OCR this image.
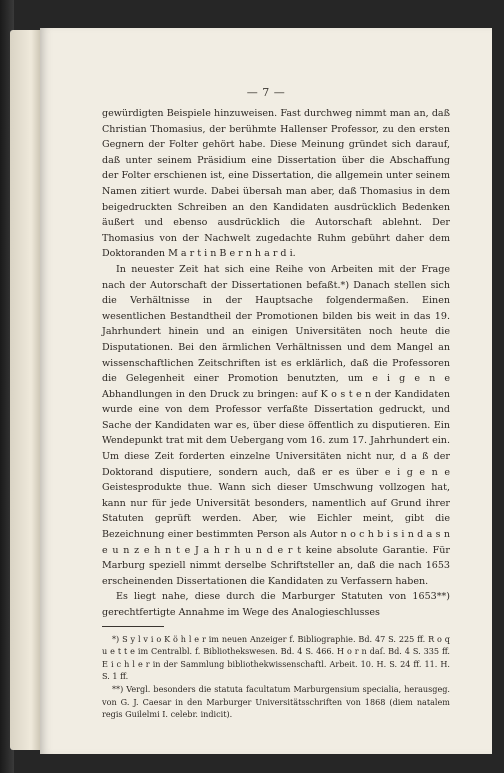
— 7 —

gewürdigten Beispiele hinzuweisen. Fast durchweg nimmt man an, daß Christian Thomasius, der berühmte Hallenser Professor, zu den ersten Gegnern der Folter gehört habe. Diese Meinung gründet sich darauf, daß unter seinem Präsidium eine Dissertation über die Abschaffung der Folter erschienen ist, eine Dissertation, die allgemein unter seinem Namen zitiert wurde. Dabei übersah man aber, daß Thomasius in dem beigedruckten Schreiben an den Kandidaten ausdrücklich Bedenken äußert und ebenso ausdrücklich die Autorschaft ablehnt. Der Thomasius von der Nachwelt zugedachte Ruhm gebührt daher dem Doktoranden M a r t i n B e r n h a r d i.

In neuester Zeit hat sich eine Reihe von Arbeiten mit der Frage nach der Autorschaft der Dissertationen befaßt.*) Danach stellen sich die Verhältnisse in der Hauptsache folgendermaßen. Einen wesentlichen Bestandtheil der Promotionen bilden bis weit in das 19. Jahrhundert hinein und an einigen Universitäten noch heute die Disputationen. Bei den ärmlichen Verhältnissen und dem Mangel an wissenschaftlichen Zeitschriften ist es erklärlich, daß die Professoren die Gelegenheit einer Promotion benutzten, um e i g e n e Abhandlungen in den Druck zu bringen: auf K o s t e n der Kandidaten wurde eine von dem Professor verfaßte Dissertation gedruckt, und Sache der Kandidaten war es, über diese öffentlich zu disputieren. Ein Wendepunkt trat mit dem Uebergang vom 16. zum 17. Jahrhundert ein. Um diese Zeit forderten einzelne Universitäten nicht nur, d a ß der Doktorand disputiere, sondern auch, daß er es über e i g e n e Geistesprodukte thue. Wann sich dieser Umschwung vollzogen hat, kann nur für jede Universität besonders, namentlich auf Grund ihrer Statuten geprüft werden. Aber, wie Eichler meint, gibt die Bezeichnung einer bestimmten Person als Autor n o c h b i s i n d a s n e u n z e h n t e J a h r h u n d e r t keine absolute Garantie. Für Marburg speziell nimmt derselbe Schriftsteller an, daß die nach 1653 erscheinenden Dissertationen die Kandidaten zu Verfassern haben.

Es liegt nahe, diese durch die Marburger Statuten von 1653**) gerechtfertigte Annahme im Wege des Analogieschlusses

*) S y l v i o K ö h l e r im neuen Anzeiger f. Bibliographie. Bd. 47 S. 225 ff. R o q u e t t e im Centralbl. f. Bibliothekswesen. Bd. 4 S. 466. H o r n daſ. Bd. 4 S. 335 ff. E i c h l e r in der Sammlung bibliothekwissenschaftl. Arbeit. 10. H. S. 24 ff. 11. H. S. 1 ff.

**) Vergl. besonders die statuta facultatum Marburgensium specialia, herausgeg. von G. J. Caesar in den Marburger Universitätsschriften von 1868 (diem natalem regis Guilelmi I. celebr. indicit).
